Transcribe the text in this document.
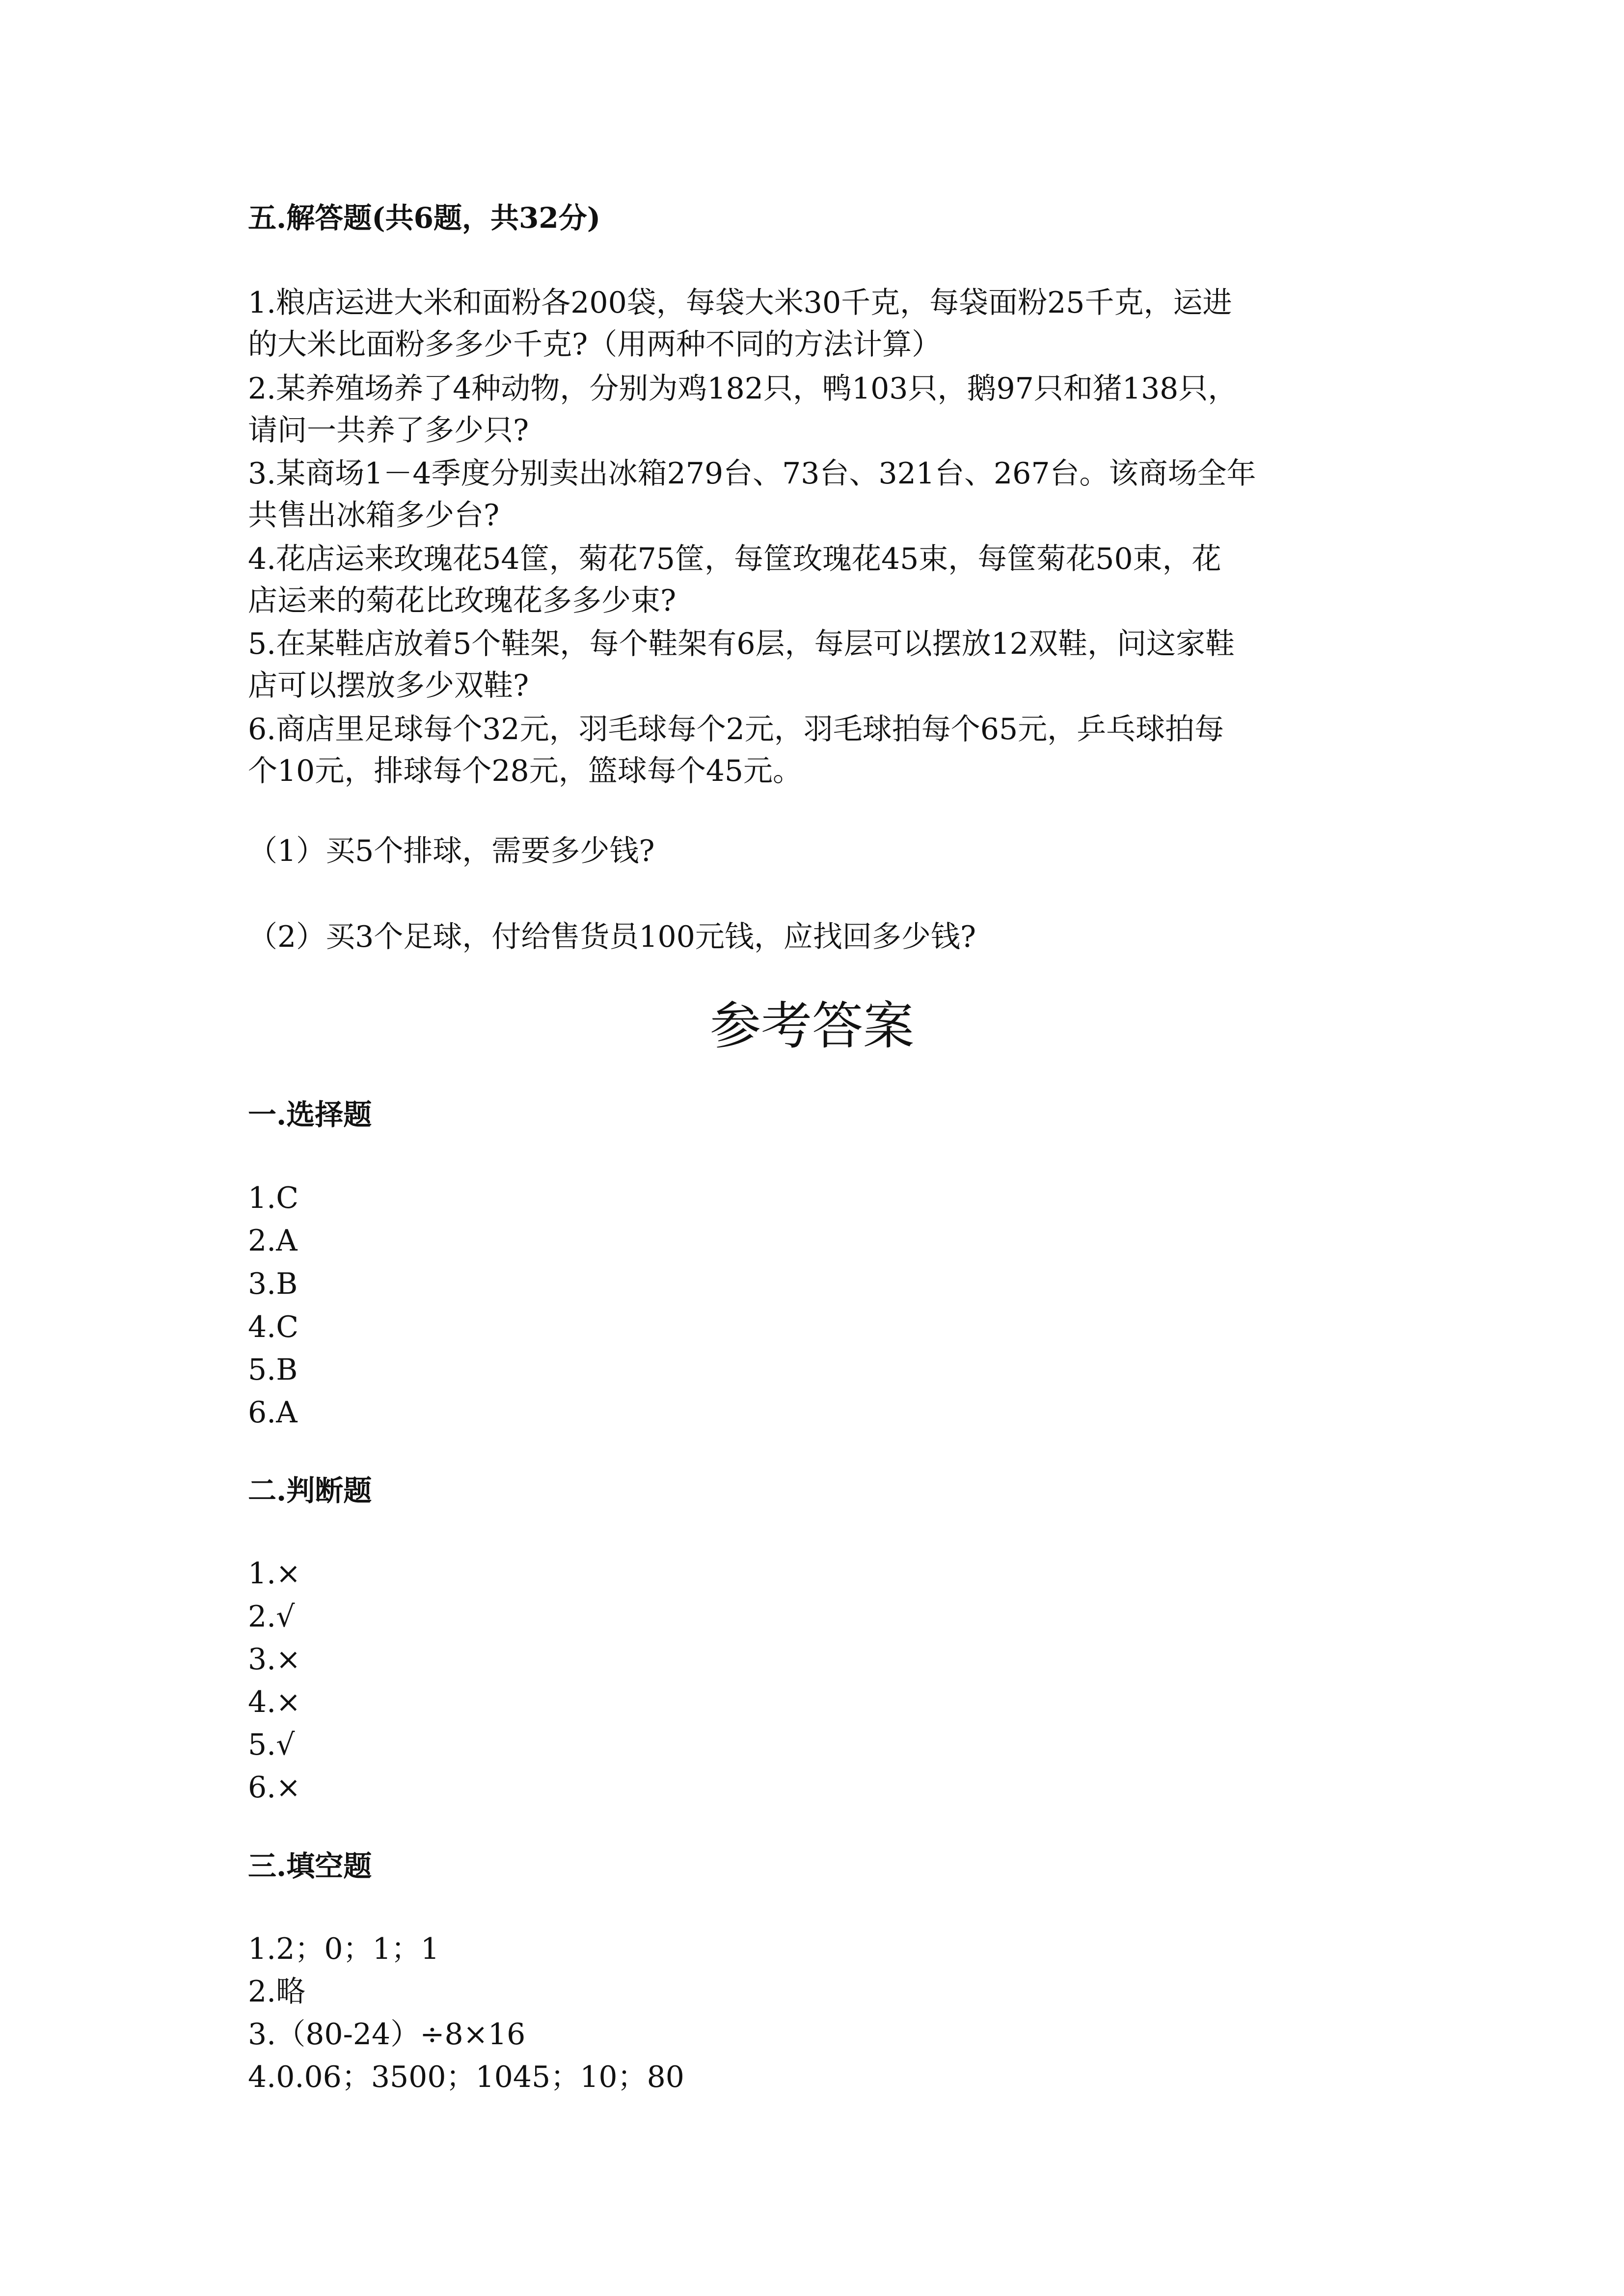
五.解答题(共6题，共32分)
1.粮店运进大米和面粉各200袋，每袋大米30千克，每袋面粉25千克，运进
的大米比面粉多多少千克?（用两种不同的方法计算）
2.某养殖场养了4种动物，分别为鸡182只，鸭103只，鹅97只和猪138只，
请问一共养了多少只?
3.某商场1－4季度分别卖出冰箱279台、73台、321台、267台。该商场全年
共售出冰箱多少台?
4.花店运来玫瑰花54筐，菊花75筐，每筐玫瑰花45束，每筐菊花50束，花
店运来的菊花比玫瑰花多多少束?
5.在某鞋店放着5个鞋架，每个鞋架有6层，每层可以摆放12双鞋，问这家鞋
店可以摆放多少双鞋?
6.商店里足球每个32元，羽毛球每个2元，羽毛球拍每个65元，乒乓球拍每
个10元，排球每个28元，篮球每个45元。
（1）买5个排球，需要多少钱?
（2）买3个足球，付给售货员100元钱，应找回多少钱?
参考答案
一.选择题
1.C
2.A
3.B
4.C
5.B
6.A
二.判断题
1.×
2.√
3.×
4.×
5.√
6.×
三.填空题
1.2；0；1；1
2.略
3.（80-24）÷8×16
4.0.06；3500；1045；10；80
